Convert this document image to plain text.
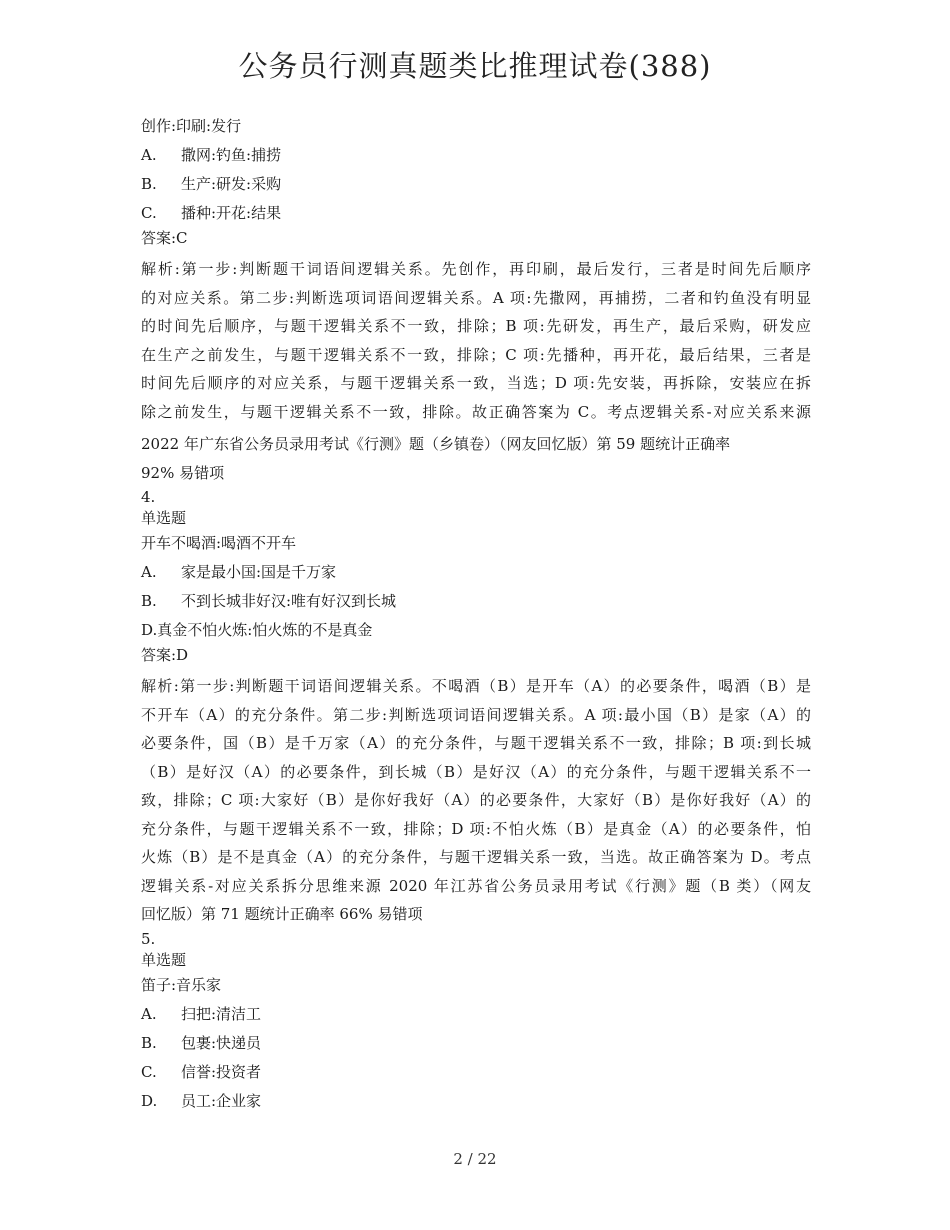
公务员行测真题类比推理试卷(388)
创作:印刷:发行
A.	撒网:钓鱼:捕捞
B.	生产:研发:采购
C.	播种:开花:结果
答案:C
解析:第一步:判断题干词语间逻辑关系。先创作，再印刷，最后发行，三者是时间先后顺序
的对应关系。第二步:判断选项词语间逻辑关系。A 项:先撒网，再捕捞，二者和钓鱼没有明显
的时间先后顺序，与题干逻辑关系不一致，排除；B 项:先研发，再生产，最后采购，研发应
在生产之前发生，与题干逻辑关系不一致，排除；C 项:先播种，再开花，最后结果，三者是
时间先后顺序的对应关系，与题干逻辑关系一致，当选；D 项:先安装，再拆除，安装应在拆
除之前发生，与题干逻辑关系不一致，排除。故正确答案为 C。考点逻辑关系-对应关系来源
2022 年广东省公务员录用考试《行测》题（乡镇卷）（网友回忆版）第 59 题统计正确率
92% 易错项
4.
单选题
开车不喝酒:喝酒不开车
A.	家是最小国:国是千万家
B.	不到长城非好汉:唯有好汉到长城
D.真金不怕火炼:怕火炼的不是真金
答案:D
解析:第一步:判断题干词语间逻辑关系。不喝酒（B）是开车（A）的必要条件，喝酒（B）是
不开车（A）的充分条件。第二步:判断选项词语间逻辑关系。A 项:最小国（B）是家（A）的
必要条件，国（B）是千万家（A）的充分条件，与题干逻辑关系不一致，排除；B 项:到长城
（B）是好汉（A）的必要条件，到长城（B）是好汉（A）的充分条件，与题干逻辑关系不一
致，排除；C 项:大家好（B）是你好我好（A）的必要条件，大家好（B）是你好我好（A）的
充分条件，与题干逻辑关系不一致，排除；D 项:不怕火炼（B）是真金（A）的必要条件，怕
火炼（B）是不是真金（A）的充分条件，与题干逻辑关系一致，当选。故正确答案为 D。考点
逻辑关系-对应关系拆分思维来源 2020 年江苏省公务员录用考试《行测》题（B 类）（网友
回忆版）第 71 题统计正确率 66% 易错项
5.
单选题
笛子:音乐家
A.	扫把:清洁工
B.	包裹:快递员
C.	信誉:投资者
D.	员工:企业家
2 / 22
